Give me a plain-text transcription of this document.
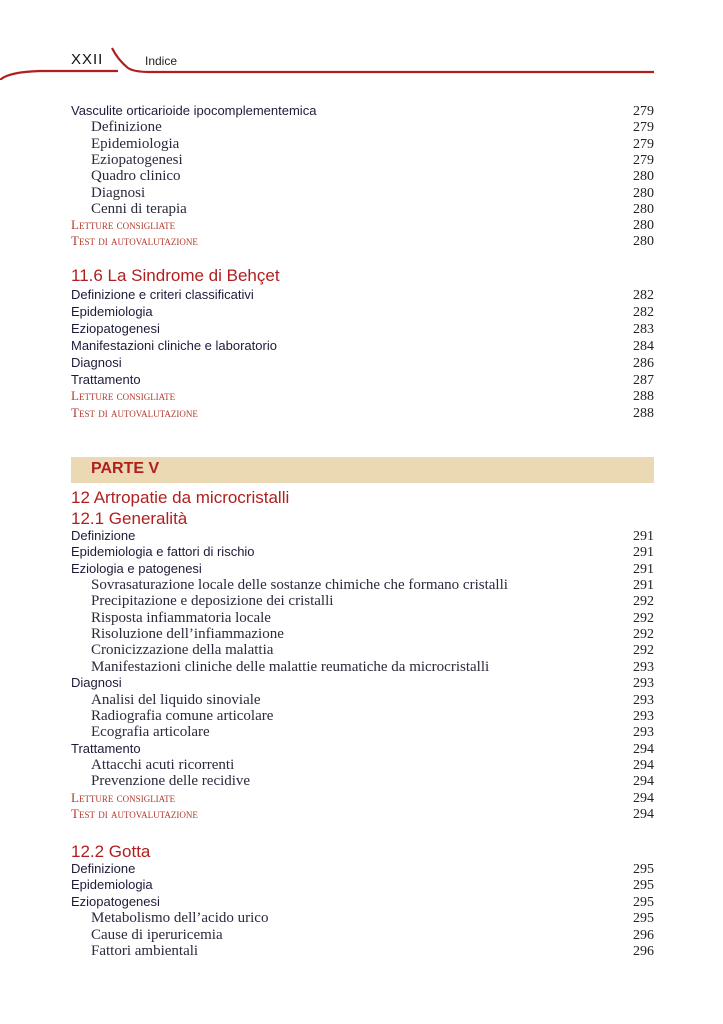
XXII	Indice
11.6 La Sindrome di Behçet
PARTE V
12 Artropatie da microcristalli
12.1 Generalità
12.2 Gotta
Vasculite orticarioide ipocomplementemica	279
Definizione	279
Epidemiologia	279
Eziopatogenesi	279
Quadro clinico	280
Diagnosi	280
Cenni di terapia	280
Letture consigliate	280
Test di autovalutazione	280
Definizione e criteri classificativi	282
Epidemiologia	282
Eziopatogenesi	283
Manifestazioni cliniche e laboratorio	284
Diagnosi	286
Trattamento	287
Letture consigliate	288
Test di autovalutazione	288
Definizione	291
Epidemiologia e fattori di rischio	291
Eziologia e patogenesi	291
Sovrasaturazione locale delle sostanze chimiche che formano cristalli	291
Precipitazione e deposizione dei cristalli	292
Risposta infiammatoria locale	292
Risoluzione dell’infiammazione	292
Cronicizzazione della malattia	292
Manifestazioni cliniche delle malattie reumatiche da microcristalli	293
Diagnosi	293
Analisi del liquido sinoviale	293
Radiografia comune articolare	293
Ecografia articolare	293
Trattamento	294
Attacchi acuti ricorrenti	294
Prevenzione delle recidive	294
Letture consigliate	294
Test di autovalutazione	294
Definizione	295
Epidemiologia	295
Eziopatogenesi	295
Metabolismo dell’acido urico	295
Cause di iperuricemia	296
Fattori ambientali	296
